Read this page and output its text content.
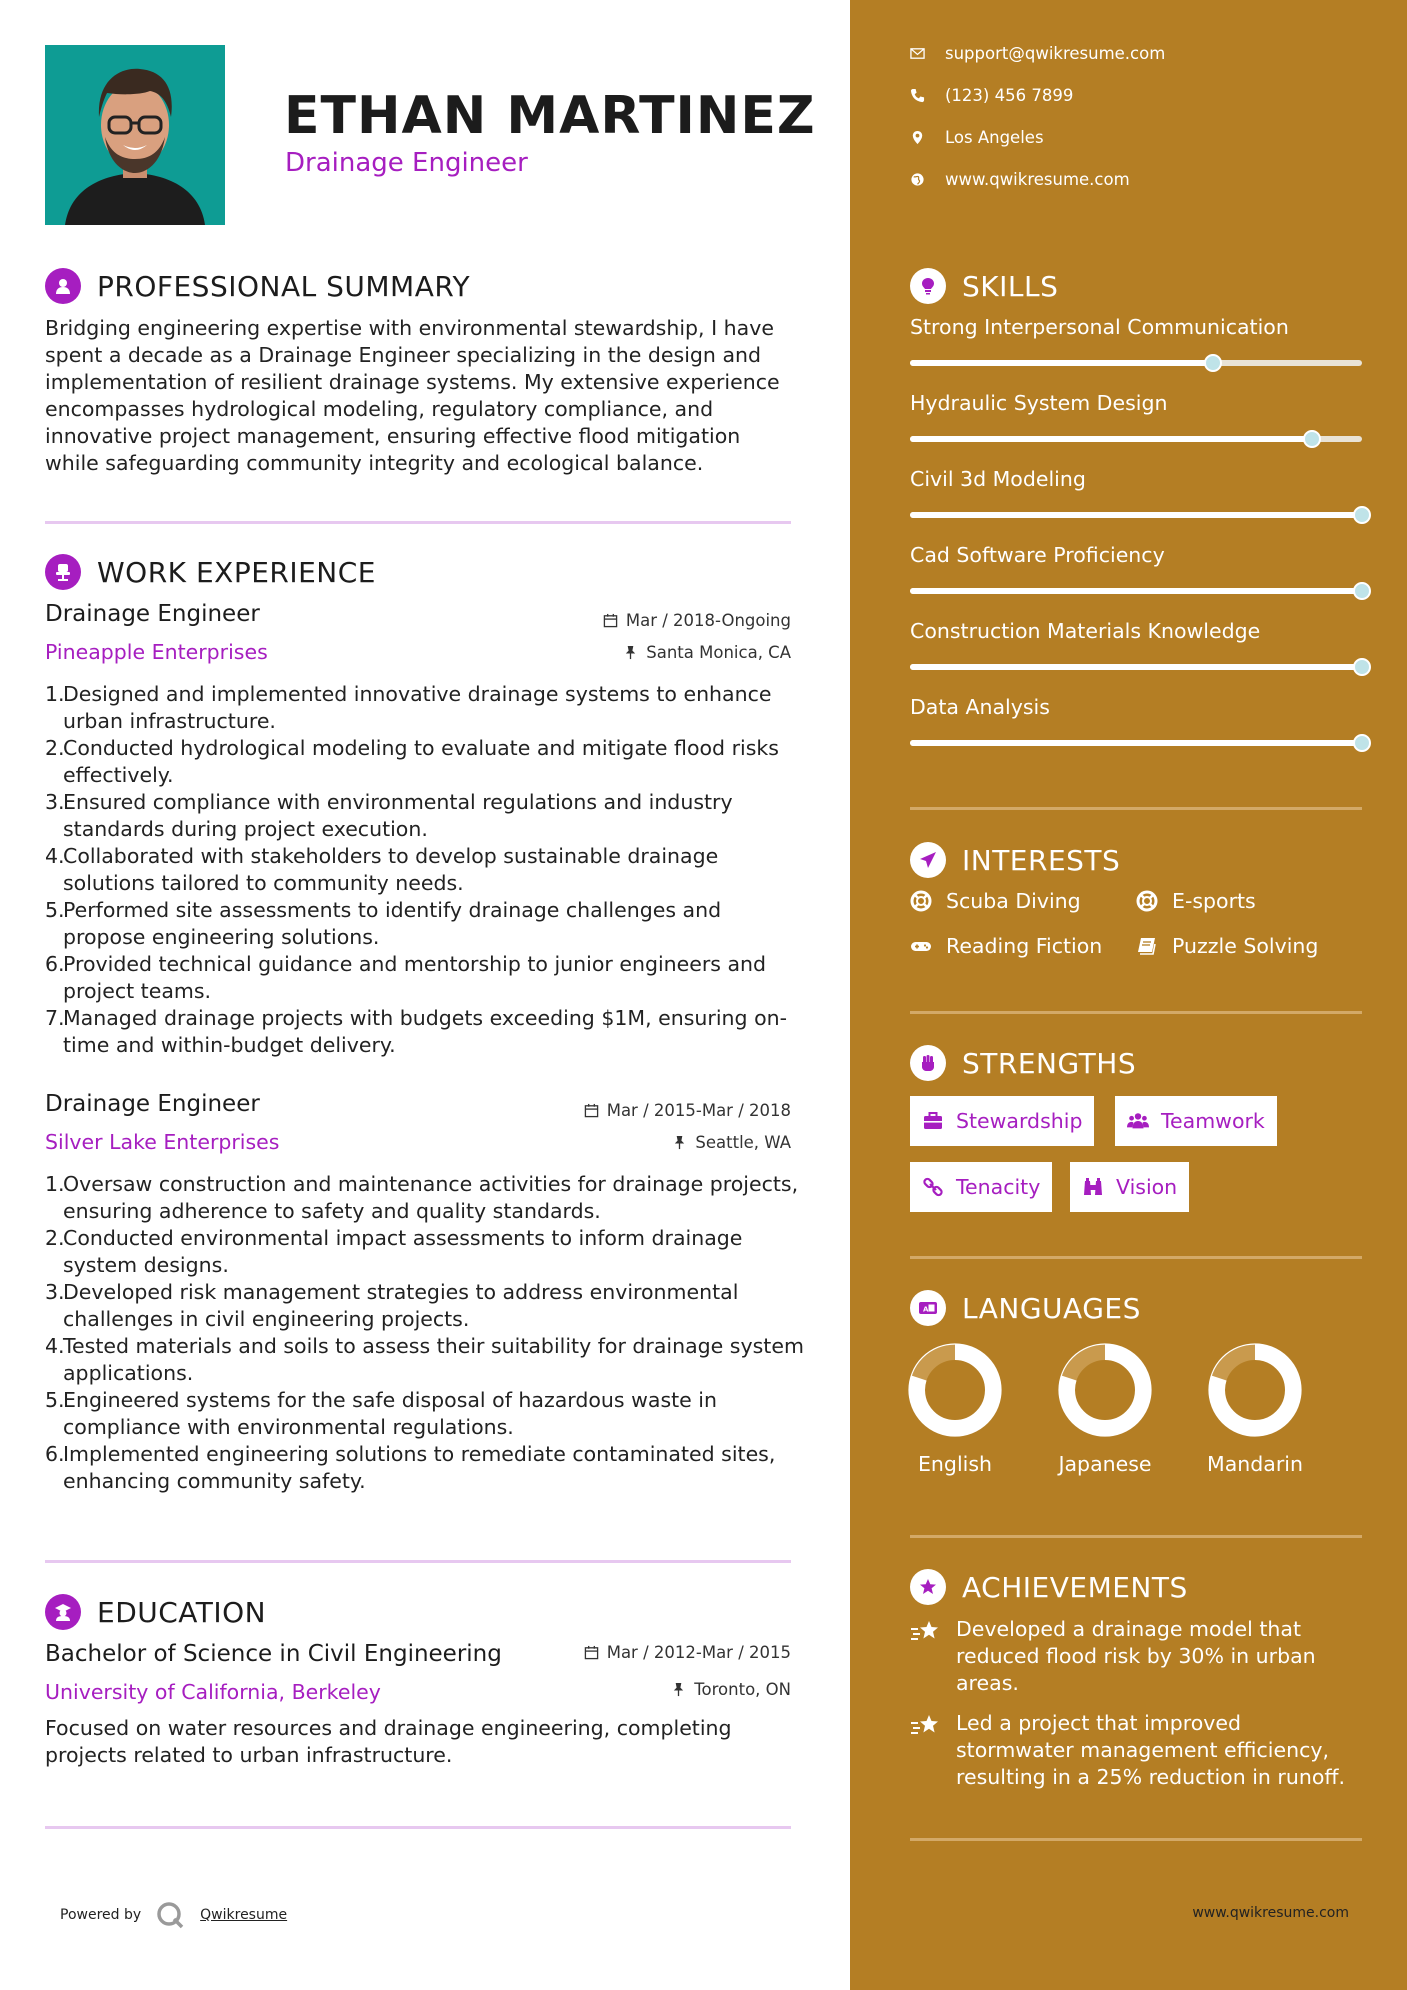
ETHAN MARTINEZ
Drainage Engineer
PROFESSIONAL SUMMARY
Bridging engineering expertise with environmental stewardship, I have spent a decade as a Drainage Engineer specializing in the design and implementation of resilient drainage systems. My extensive experience encompasses hydrological modeling, regulatory compliance, and innovative project management, ensuring effective flood mitigation while safeguarding community integrity and ecological balance.
WORK EXPERIENCE
Drainage Engineer
Pineapple Enterprises
Mar / 2018-Ongoing
Santa Monica, CA
1.Designed and implemented innovative drainage systems to enhance urban infrastructure.
2.Conducted hydrological modeling to evaluate and mitigate flood risks effectively.
3.Ensured compliance with environmental regulations and industry standards during project execution.
4.Collaborated with stakeholders to develop sustainable drainage solutions tailored to community needs.
5.Performed site assessments to identify drainage challenges and propose engineering solutions.
6.Provided technical guidance and mentorship to junior engineers and project teams.
7.Managed drainage projects with budgets exceeding $1M, ensuring on-time and within-budget delivery.
Drainage Engineer
Silver Lake Enterprises
Mar / 2015-Mar / 2018
Seattle, WA
1.Oversaw construction and maintenance activities for drainage projects, ensuring adherence to safety and quality standards.
2.Conducted environmental impact assessments to inform drainage system designs.
3.Developed risk management strategies to address environmental challenges in civil engineering projects.
4.Tested materials and soils to assess their suitability for drainage system applications.
5.Engineered systems for the safe disposal of hazardous waste in compliance with environmental regulations.
6.Implemented engineering solutions to remediate contaminated sites, enhancing community safety.
EDUCATION
Bachelor of Science in Civil Engineering
University of California, Berkeley
Mar / 2012-Mar / 2015
Toronto, ON
Focused on water resources and drainage engineering, completing projects related to urban infrastructure.
Powered by	Qwikresume
support@qwikresume.com
(123) 456 7899
Los Angeles
www.qwikresume.com
SKILLS
Strong Interpersonal Communication
Hydraulic System Design
Civil 3d Modeling
Cad Software Proficiency
Construction Materials Knowledge
Data Analysis
INTERESTS
Scuba Diving	E-sports
Reading Fiction	Puzzle Solving
STRENGTHS
Stewardship	Teamwork
Tenacity	Vision
A LANGUAGES
English	Japanese	Mandarin
ACHIEVEMENTS
Developed a drainage model that reduced flood risk by 30% in urban areas.
Led a project that improved stormwater management efficiency, resulting in a 25% reduction in runoff.
www.qwikresume.com
